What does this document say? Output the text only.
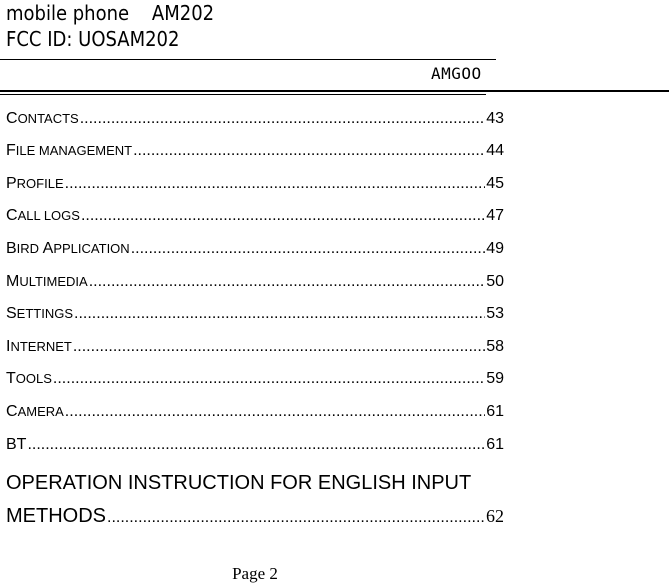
mobile phone    AM202
FCC ID: UOSAM202
AMGOO
CONTACTS .....	43
FILE MANAGEMENT .....	44
PROFILE .....	45
CALL LOGS .....	47
BIRD APPLICATION .....	49
MULTIMEDIA .....	50
SETTINGS .....	53
INTERNET .....	58
TOOLS .....	59
CAMERA .....	61
BT .....	61
OPERATION INSTRUCTION FOR ENGLISH INPUT
METHODS .....	62
Page 2
